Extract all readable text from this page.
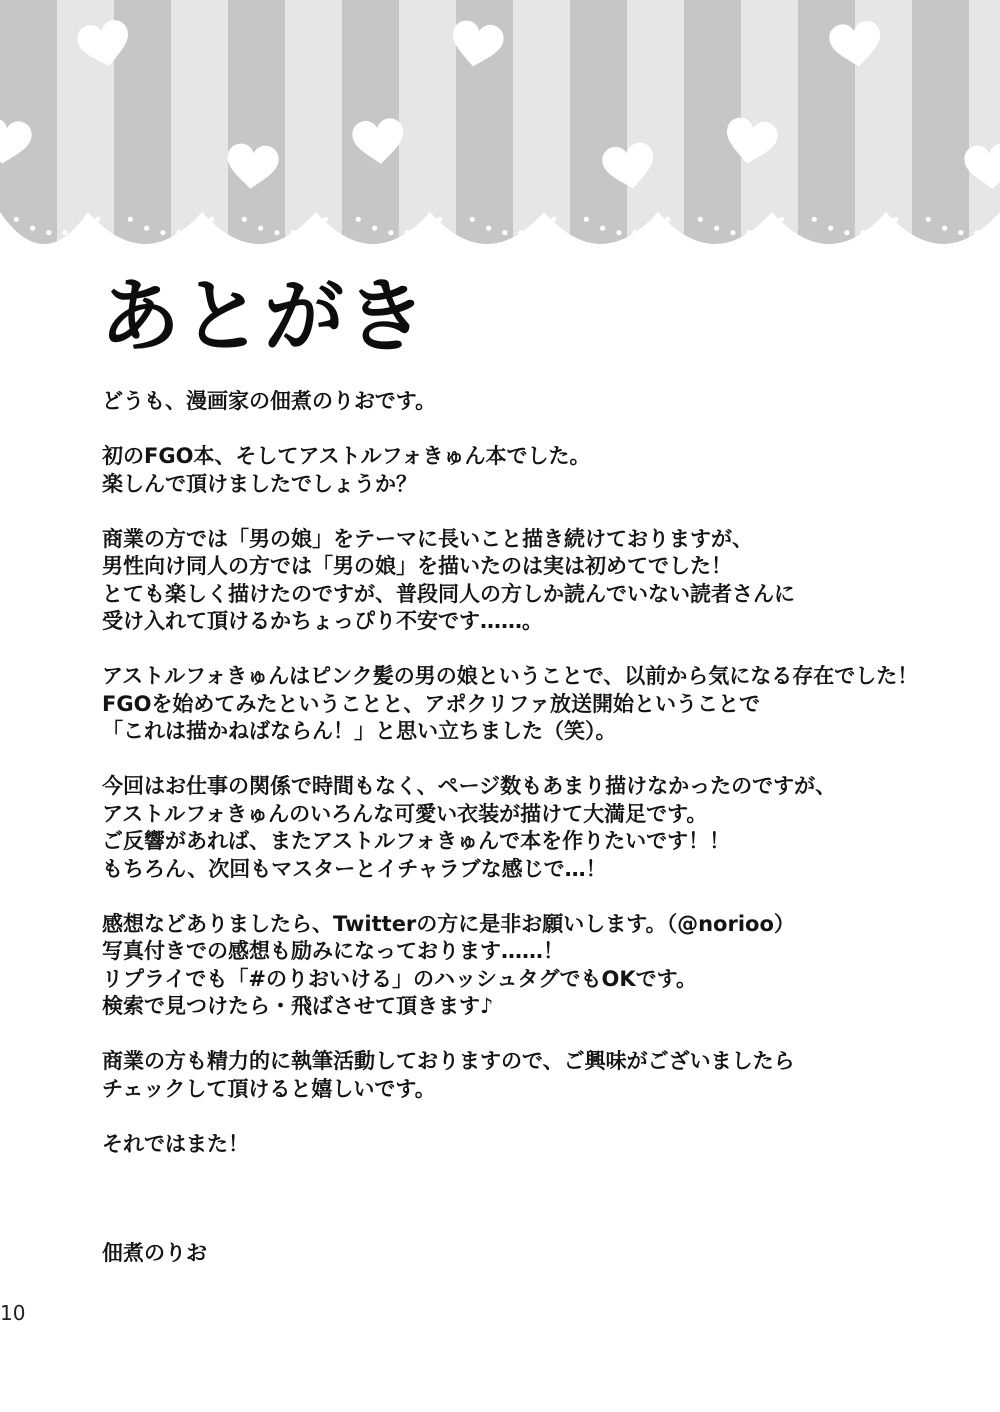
あとがき

どうも、漫画家の佃煮のりおです。

初のFGO本、そしてアストルフォきゅん本でした。
楽しんで頂けましたでしょうか？

商業の方では「男の娘」をテーマに長いこと描き続けておりますが、
男性向け同人の方では「男の娘」を描いたのは実は初めてでした！
とても楽しく描けたのですが、普段同人の方しか読んでいない読者さんに
受け入れて頂けるかちょっぴり不安です……。

アストルフォきゅんはピンク髪の男の娘ということで、以前から気になる存在でした！
FGOを始めてみたということと、アポクリファ放送開始ということで
「これは描かねばならん！」と思い立ちました（笑）。

今回はお仕事の関係で時間もなく、ページ数もあまり描けなかったのですが、
アストルフォきゅんのいろんな可愛い衣装が描けて大満足です。
ご反響があれば、またアストルフォきゅんで本を作りたいです！！
もちろん、次回もマスターとイチャラブな感じで…！

感想などありましたら、Twitterの方に是非お願いします。（@norioo）
写真付きでの感想も励みになっております……！
リプライでも「#のりおいける」のハッシュタグでもOKです。
検索で見つけたら・飛ばさせて頂きます♪

商業の方も精力的に執筆活動しておりますので、ご興味がございましたら
チェックして頂けると嬉しいです。

それではまた！

佃煮のりお

10
